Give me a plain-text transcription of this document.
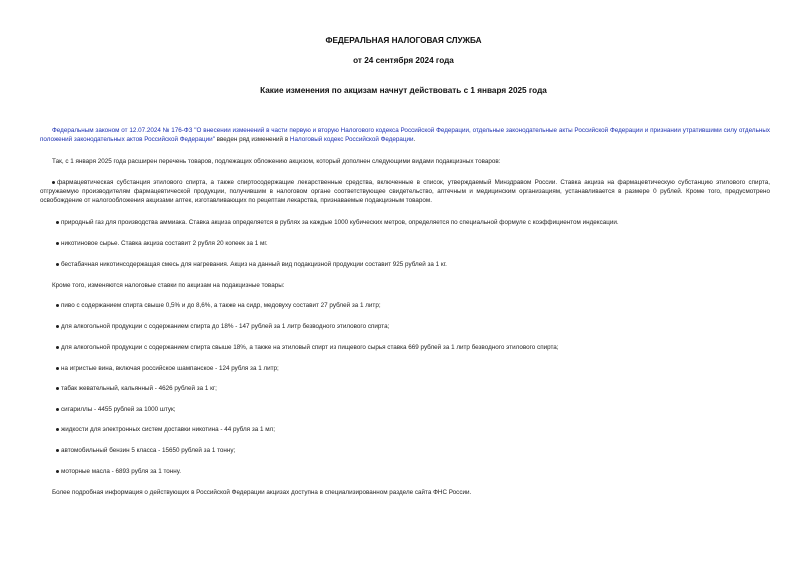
ФЕДЕРАЛЬНАЯ НАЛОГОВАЯ СЛУЖБА
от 24 сентября 2024 года
Какие изменения по акцизам начнут действовать с 1 января 2025 года
Федеральным законом от 12.07.2024 № 176-ФЗ "О внесении изменений в части первую и вторую Налогового кодекса Российской Федерации, отдельные законодательные акты Российской Федерации и признании утратившими силу отдельных положений законодательных актов Российской Федерации" введен ряд изменений в Налоговый кодекс Российской Федерации.
Так, с 1 января 2025 года расширен перечень товаров, подлежащих обложению акцизом, который дополнен следующими видами подакцизных товаров:
фармацевтическая субстанция этилового спирта, а также спиртосодержащие лекарственные средства, включенные в список, утверждаемый Минздравом России. Ставка акциза на фармацевтическую субстанцию этилового спирта, отгружаемую производителям фармацевтической продукции, получившим в налоговом органе соответствующее свидетельство, аптечным и медицинским организациям, устанавливается в размере 0 рублей. Кроме того, предусмотрено освобождение от налогообложения акцизами аптек, изготавливающих по рецептам лекарства, признаваемые подакцизным товаром.
природный газ для производства аммиака. Ставка акциза определяется в рублях за каждые 1000 кубических метров, определяется по специальной формуле с коэффициентом индексации.
никотиновое сырье. Ставка акциза составит 2 рубля 20 копеек за 1 мг.
бестабачная никотинсодержащая смесь для нагревания. Акциз на данный вид подакцизной продукции составит 925 рублей за 1 кг.
Кроме того, изменяются налоговые ставки по акцизам на подакцизные товары:
пиво с содержанием спирта свыше 0,5% и до 8,6%, а также на сидр, медовуху составит 27 рублей за 1 литр;
для алкогольной продукции с содержанием спирта до 18% - 147 рублей за 1 литр безводного этилового спирта;
для алкогольной продукции с содержанием спирта свыше 18%, а также на этиловый спирт из пищевого сырья ставка 669 рублей за 1 литр безводного этилового спирта;
на игристые вина, включая российское шампанское - 124 рубля за 1 литр;
табак жевательный, кальянный - 4626 рублей за 1 кг;
сигариллы - 4455 рублей за 1000 штук;
жидкости для электронных систем доставки никотина - 44 рубля за 1 мл;
автомобильный бензин 5 класса - 15650 рублей за 1 тонну;
моторные масла - 6893 рубля за 1 тонну.
Более подробная информация о действующих в Российской Федерации акцизах доступна в специализированном разделе сайта ФНС России.
